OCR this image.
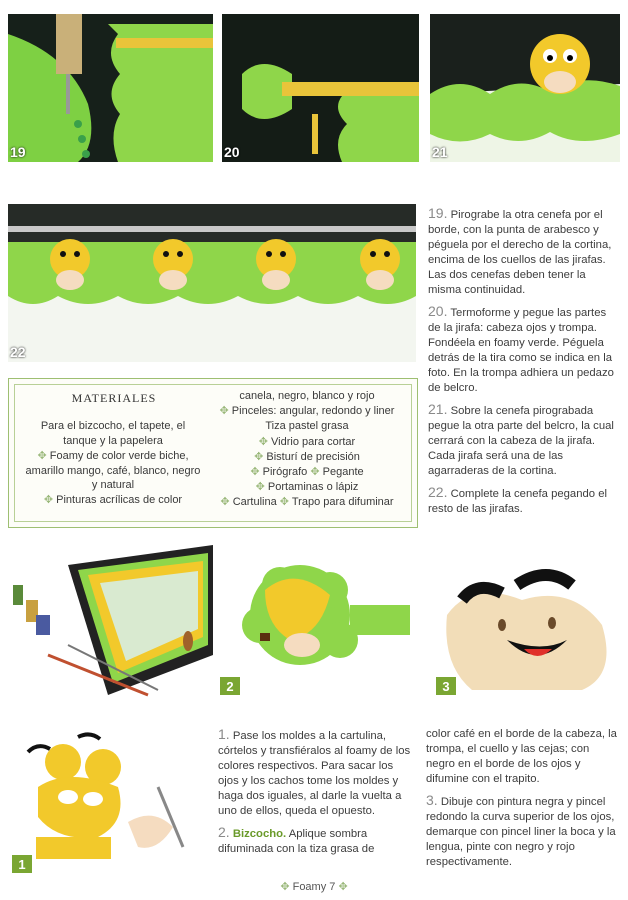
19	20	21
22

19. Pirograbe la otra cenefa por el borde, con la punta de arabesco y péguela por el derecho de la cortina, encima de los cuellos de las jirafas. Las dos cenefas deben tener la misma continuidad.

20. Termoforme y pegue las partes de la jirafa: cabeza ojos y trompa. Fondéela en foamy verde. Péguela detrás de la tira como se indica en la foto. En la trompa adhiera un pedazo de belcro.

21. Sobre la cenefa pirograbada pegue la otra parte del belcro, la cual cerrará con la cabeza de la jirafa. Cada jirafa será una de las agarraderas de la cortina.

22. Complete la cenefa pegando el resto de las jirafas.

MATERIALES
Para el bizcocho, el tapete, el tanque y la papelera
✥ Foamy de color verde biche, amarillo mango, café, blanco, negro y natural
✥ Pinturas acrílicas de color
canela, negro, blanco y rojo
✥ Pinceles: angular, redondo y liner Tiza pastel grasa
✥ Vidrio para cortar
✥ Bisturí de precisión
✥ Pirógrafo ✥ Pegante
✥ Portaminas o lápiz
✥ Cartulina ✥ Trapo para difuminar
2	3
1

1. Pase los moldes a la cartulina, córtelos y transfiéralos al foamy de los colores respectivos. Para sacar los ojos y los cachos tome los moldes y haga dos iguales, al darle la vuelta a uno de ellos, queda el opuesto.

2. Bizcocho. Aplique sombra difuminada con la tiza grasa de

color café en el borde de la cabeza, la trompa, el cuello y las cejas; con negro en el borde de los ojos y difumine con el trapito.

3. Dibuje con pintura negra y pincel redondo la curva superior de los ojos, demarque con pincel liner la boca y la lengua, pinte con negro y rojo respectivamente.

✥ Foamy 7 ✥
